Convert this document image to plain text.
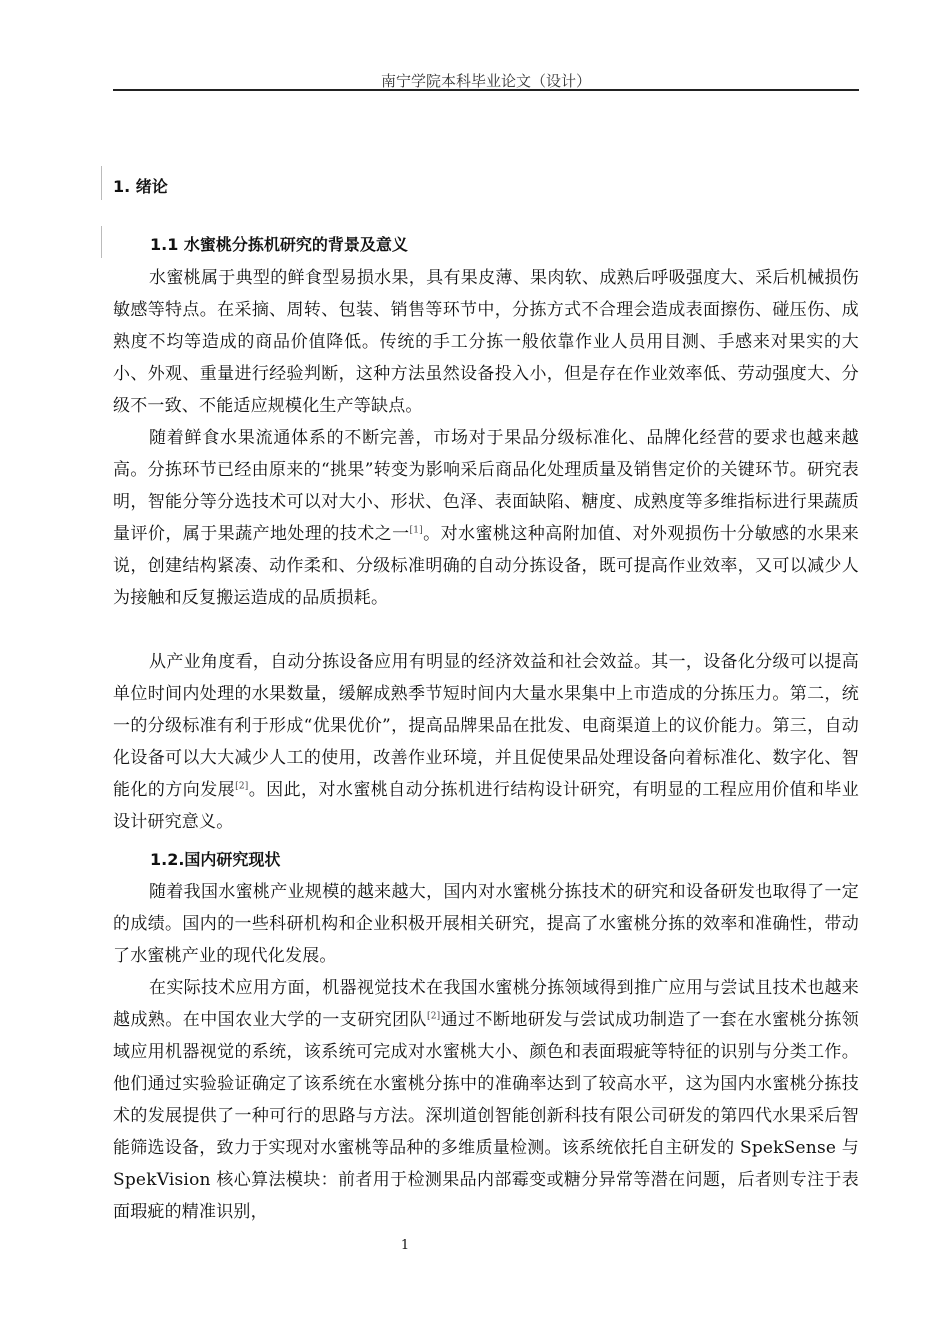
南宁学院本科毕业论文（设计）
1. 绪论
1.1 水蜜桃分拣机研究的背景及意义

水蜜桃属于典型的鲜食型易损水果，具有果皮薄、果肉软、成熟后呼吸强度大、采后机械损伤敏感等特点。在采摘、周转、包装、销售等环节中，分拣方式不合理会造成表面擦伤、碰压伤、成熟度不均等造成的商品价值降低。传统的手工分拣一般依靠作业人员用目测、手感来对果实的大小、外观、重量进行经验判断，这种方法虽然设备投入小，但是存在作业效率低、劳动强度大、分级不一致、不能适应规模化生产等缺点。

随着鲜食水果流通体系的不断完善，市场对于果品分级标准化、品牌化经营的要求也越来越高。分拣环节已经由原来的“挑果”转变为影响采后商品化处理质量及销售定价的关键环节。研究表明，智能分等分选技术可以对大小、形状、色泽、表面缺陷、糖度、成熟度等多维指标进行果蔬质量评价，属于果蔬产地处理的技术之一[1]。对水蜜桃这种高附加值、对外观损伤十分敏感的水果来说，创建结构紧凑、动作柔和、分级标准明确的自动分拣设备，既可提高作业效率，又可以减少人为接触和反复搬运造成的品质损耗。

从产业角度看，自动分拣设备应用有明显的经济效益和社会效益。其一，设备化分级可以提高单位时间内处理的水果数量，缓解成熟季节短时间内大量水果集中上市造成的分拣压力。第二，统一的分级标准有利于形成“优果优价”，提高品牌果品在批发、电商渠道上的议价能力。第三，自动化设备可以大大减少人工的使用，改善作业环境，并且促使果品处理设备向着标准化、数字化、智能化的方向发展[2]。因此，对水蜜桃自动分拣机进行结构设计研究，有明显的工程应用价值和毕业设计研究意义。

1.2.国内研究现状

随着我国水蜜桃产业规模的越来越大，国内对水蜜桃分拣技术的研究和设备研发也取得了一定的成绩。国内的一些科研机构和企业积极开展相关研究，提高了水蜜桃分拣的效率和准确性，带动了水蜜桃产业的现代化发展。

在实际技术应用方面，机器视觉技术在我国水蜜桃分拣领域得到推广应用与尝试且技术也越来越成熟。在中国农业大学的一支研究团队[2]通过不断地研发与尝试成功制造了一套在水蜜桃分拣领域应用机器视觉的系统，该系统可完成对水蜜桃大小、颜色和表面瑕疵等特征的识别与分类工作。他们通过实验验证确定了该系统在水蜜桃分拣中的准确率达到了较高水平，这为国内水蜜桃分拣技术的发展提供了一种可行的思路与方法。深圳道创智能创新科技有限公司研发的第四代水果采后智能筛选设备，致力于实现对水蜜桃等品种的多维质量检测。该系统依托自主研发的 SpekSense 与 SpekVision 核心算法模块：前者用于检测果品内部霉变或糖分异常等潜在问题，后者则专注于表面瑕疵的精准识别，

1
